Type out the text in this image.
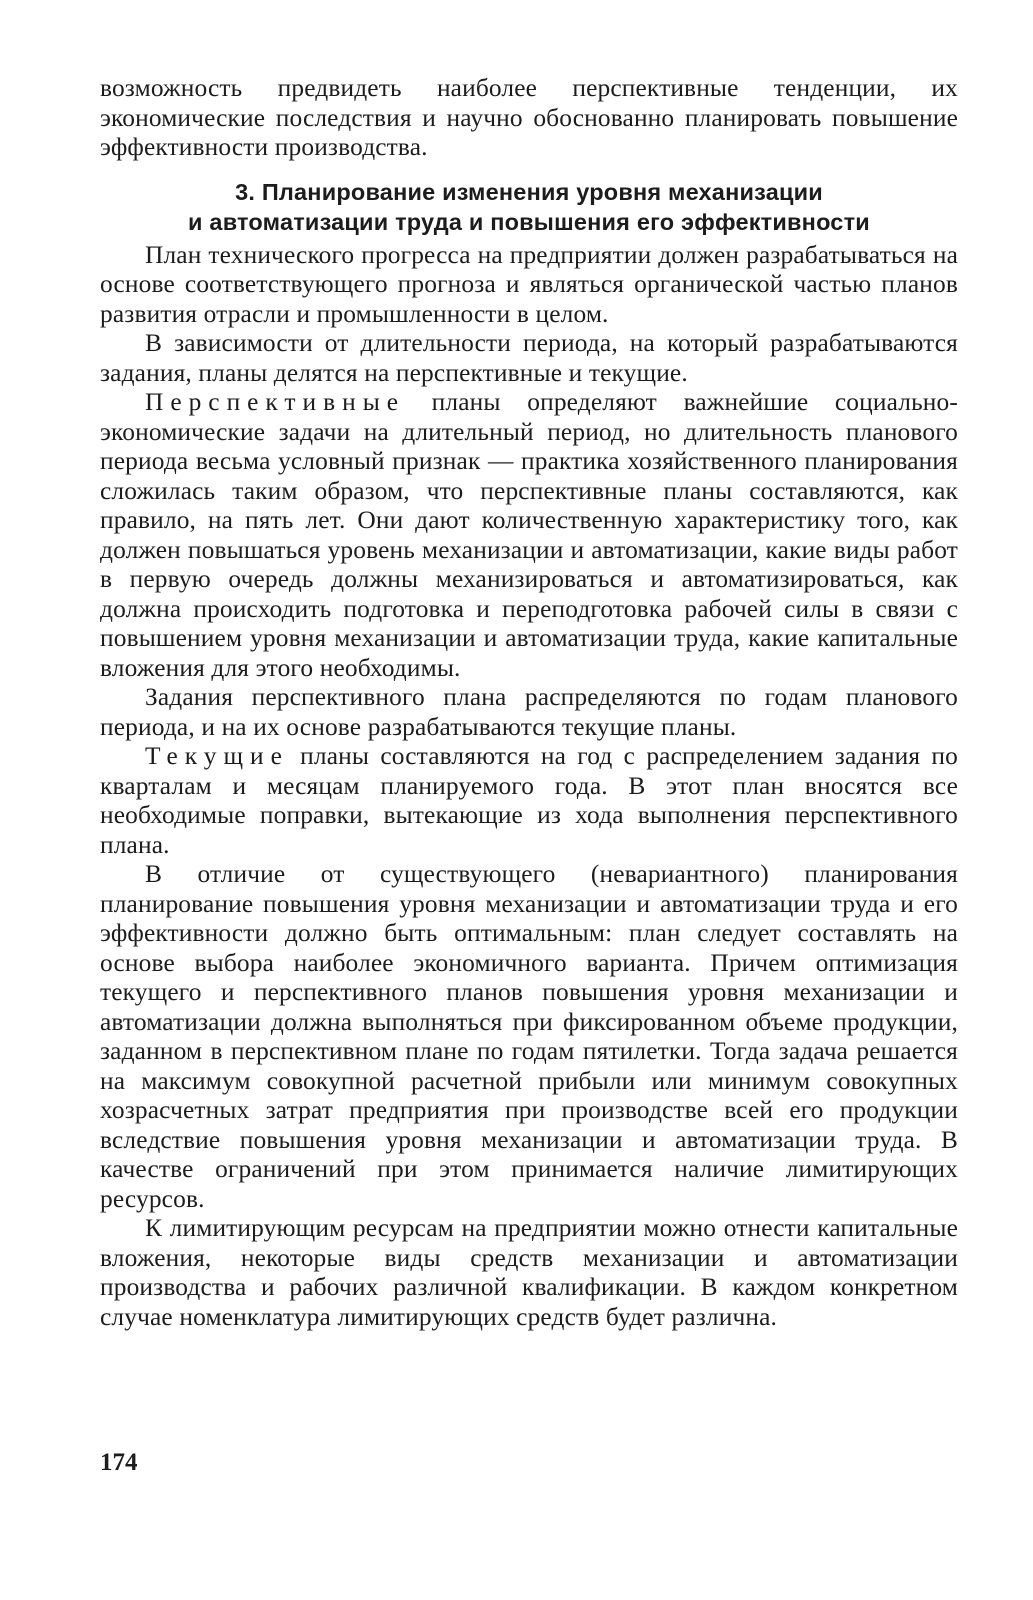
возможность предвидеть наиболее перспективные тенденции, их экономические последствия и научно обоснованно планировать повышение эффективности производства.

3. Планирование изменения уровня механизации
и автоматизации труда и повышения его эффективности

План технического прогресса на предприятии должен разрабатываться на основе соответствующего прогноза и являться органической частью планов развития отрасли и промышленности в целом.

В зависимости от длительности периода, на который разрабатываются задания, планы делятся на перспективные и текущие.

Перспективные планы определяют важнейшие социально-экономические задачи на длительный период, но длительность планового периода весьма условный признак — практика хозяйственного планирования сложилась таким образом, что перспективные планы составляются, как правило, на пять лет. Они дают количественную характеристику того, как должен повышаться уровень механизации и автоматизации, какие виды работ в первую очередь должны механизироваться и автоматизироваться, как должна происходить подготовка и переподготовка рабочей силы в связи с повышением уровня механизации и автоматизации труда, какие капитальные вложения для этого необходимы.

Задания перспективного плана распределяются по годам планового периода, и на их основе разрабатываются текущие планы.

Текущие планы составляются на год с распределением задания по кварталам и месяцам планируемого года. В этот план вносятся все необходимые поправки, вытекающие из хода выполнения перспективного плана.

В отличие от существующего (невариантного) планирования планирование повышения уровня механизации и автоматизации труда и его эффективности должно быть оптимальным: план следует составлять на основе выбора наиболее экономичного варианта. Причем оптимизация текущего и перспективного планов повышения уровня механизации и автоматизации должна выполняться при фиксированном объеме продукции, заданном в перспективном плане по годам пятилетки. Тогда задача решается на максимум совокупной расчетной прибыли или минимум совокупных хозрасчетных затрат предприятия при производстве всей его продукции вследствие повышения уровня механизации и автоматизации труда. В качестве ограничений при этом принимается наличие лимитирующих ресурсов.

К лимитирующим ресурсам на предприятии можно отнести капитальные вложения, некоторые виды средств механизации и автоматизации производства и рабочих различной квалификации. В каждом конкретном случае номенклатура лимитирующих средств будет различна.

174
